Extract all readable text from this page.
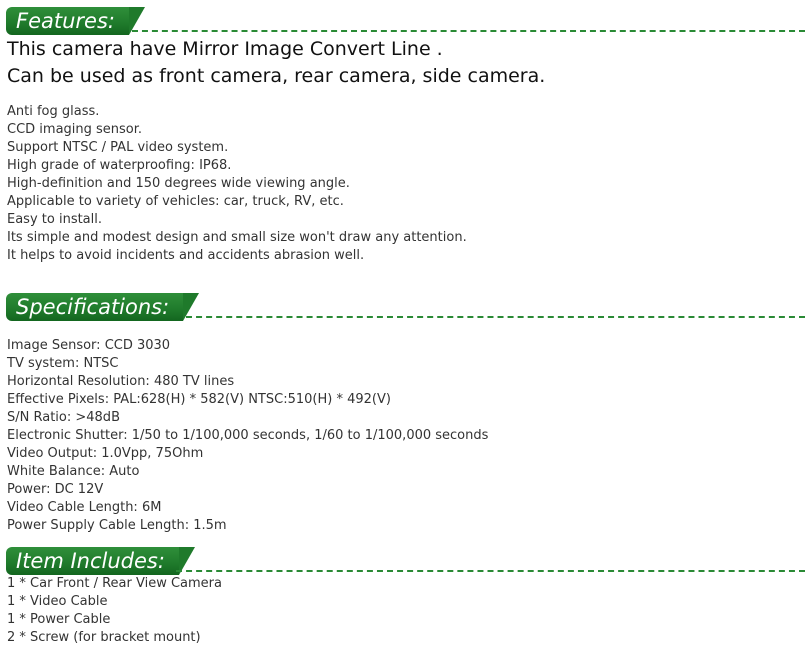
Features:
This camera have Mirror Image Convert Line .
Can be used as front camera, rear camera, side camera.
Anti fog glass.
CCD imaging sensor.
Support NTSC / PAL video system.
High grade of waterproofing: IP68.
High-definition and 150 degrees wide viewing angle.
Applicable to variety of vehicles: car, truck, RV, etc.
Easy to install.
Its simple and modest design and small size won't draw any attention.
It helps to avoid incidents and accidents abrasion well.
Specifications:
Image Sensor: CCD 3030
TV system: NTSC
Horizontal Resolution: 480 TV lines
Effective Pixels: PAL:628(H) * 582(V) NTSC:510(H) * 492(V)
S/N Ratio: >48dB
Electronic Shutter: 1/50 to 1/100,000 seconds, 1/60 to 1/100,000 seconds
Video Output: 1.0Vpp, 75Ohm
White Balance: Auto
Power: DC 12V
Video Cable Length: 6M
Power Supply Cable Length: 1.5m
Item Includes:
1 * Car Front / Rear View Camera
1 * Video Cable
1 * Power Cable
2 * Screw (for bracket mount)
